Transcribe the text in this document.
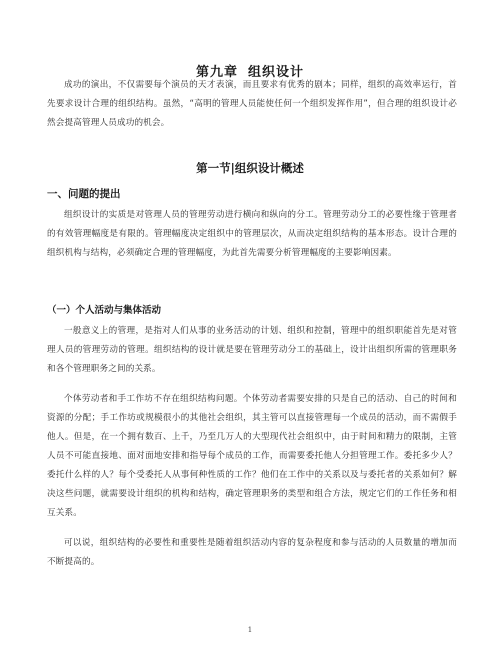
第九章 组织设计

成功的演出，不仅需要每个演员的天才表演，而且要求有优秀的剧本；同样，组织的高效率运行，首先要求设计合理的组织结构。虽然，“高明的管理人员能使任何一个组织发挥作用”，但合理的组织设计必然会提高管理人员成功的机会。

第一节|组织设计概述
一、问题的提出

组织设计的实质是对管理人员的管理劳动进行横向和纵向的分工。管理劳动分工的必要性缘于管理者的有效管理幅度是有限的。管理幅度决定组织中的管理层次，从而决定组织结构的基本形态。设计合理的组织机构与结构，必须确定合理的管理幅度，为此首先需要分析管理幅度的主要影响因素。

（一）个人活动与集体活动

一般意义上的管理，是指对人们从事的业务活动的计划、组织和控制，管理中的组织职能首先是对管理人员的管理劳动的管理。组织结构的设计就是要在管理劳动分工的基础上，设计出组织所需的管理职务和各个管理职务之间的关系。

个体劳动者和手工作坊不存在组织结构问题。个体劳动者需要安排的只是自己的活动、自己的时间和资源的分配；手工作坊或规模很小的其他社会组织，其主管可以直接管理每一个成员的活动，而不需假手他人。但是，在一个拥有数百、上千，乃至几万人的大型现代社会组织中，由于时间和精力的限制，主管人员不可能直接地、面对面地安排和指导每个成员的工作，而需要委托他人分担管理工作。委托多少人？委托什么样的人？每个受委托人从事何种性质的工作？他们在工作中的关系以及与委托者的关系如何？解决这些问题，就需要设计组织的机构和结构，确定管理职务的类型和组合方法，规定它们的工作任务和相互关系。

可以说，组织结构的必要性和重要性是随着组织活动内容的复杂程度和参与活动的人员数量的增加而不断提高的。

1
